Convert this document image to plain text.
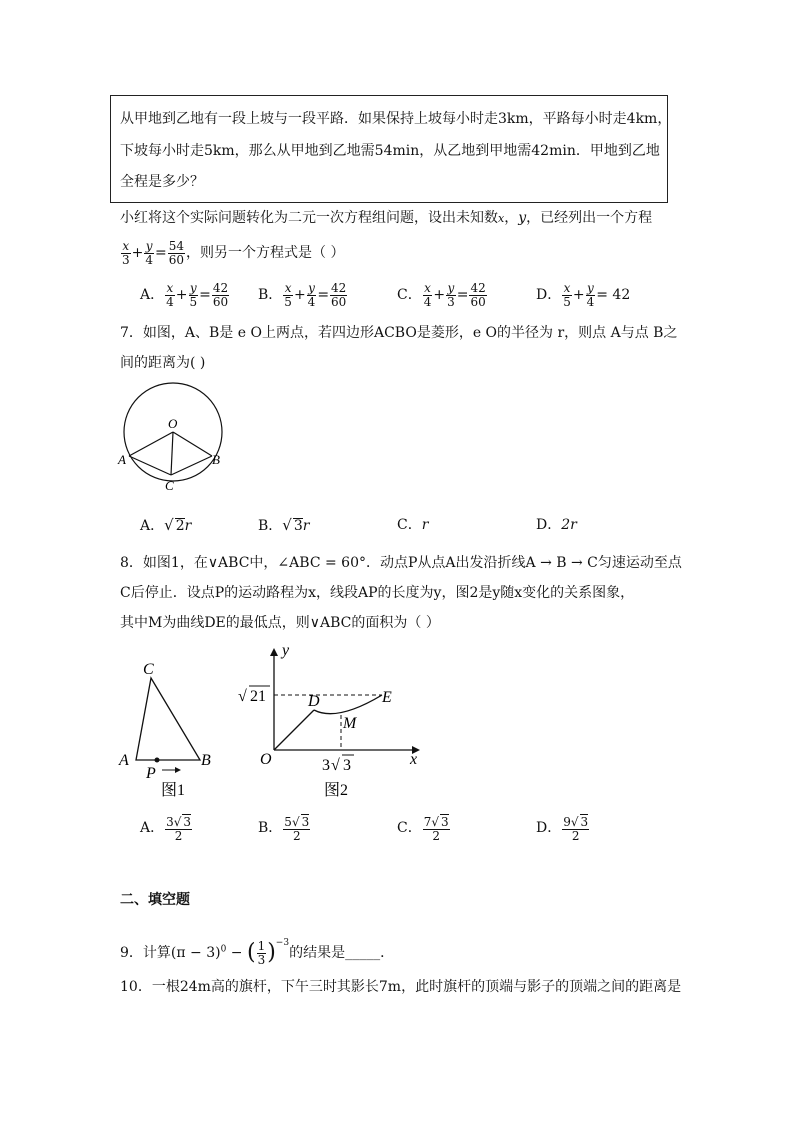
从甲地到乙地有一段上坡与一段平路．如果保持上坡每小时走3km，平路每小时走4km，
下坡每小时走5km，那么从甲地到乙地需54min，从乙地到甲地需42min．甲地到乙地
全程是多少？
小红将这个实际问题转化为二元一次方程组问题，设出未知数x，y，已经列出一个方程
$\frac{x}{3} + \frac{y}{4} = \frac{54}{60}$ ，则另一个方程式是（ ）
A． $\frac{x}{4} + \frac{y}{5} = \frac{42}{60}$ B． $\frac{x}{5} + \frac{y}{4} = \frac{42}{60}$	C． $\frac{x}{4} + \frac{y}{3} = \frac{42}{60}$	D． $\frac{x}{5} + \frac{y}{4} = 42$
7．如图，A、B是 e O上两点，若四边形ACBO是菱形，e O的半径为 r，则点 A与点 B之
间的距离为( )
O
A	B
C
A．√ 2r	B．√ 3r	C．r	D．2r
8．如图1，在∨ABC中，∠ABC = 60°．动点P从点A出发沿折线A → B → C匀速运动至点
C后停止．设点P的运动路程为x，线段AP的长度为y，图2是y随x变化的关系图象，
其中M为曲线DE的最低点，则∨ABC的面积为（ ）
C
A	B
P
图1
y
x
O
D	E
M
√ 21
3 √ 3
图2
A． $\frac{3√ 3}{2}$	B． $\frac{5√ 3}{2}$	C． $\frac{7√ 3}{2}$	D． $\frac{9√ 3}{2}$
二、填空题
9．计算$(\pi - 3)^0$ − ( $\frac{1}{3} )^{-3}$的结果是_____．
10．一根24m高的旗杆，下午三时其影长7m，此时旗杆的顶端与影子的顶端之间的距离是
